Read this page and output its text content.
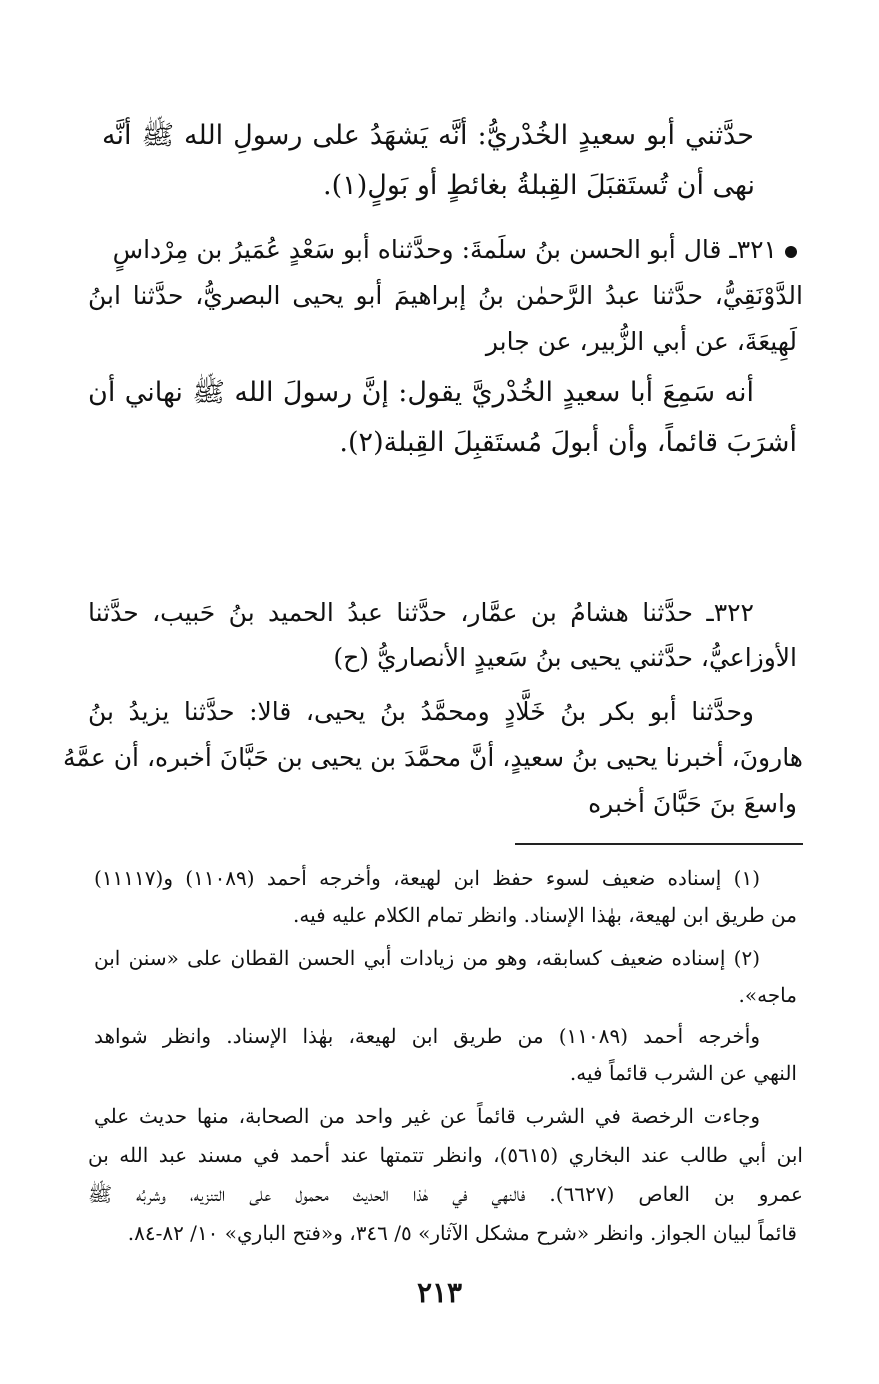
حدَّثني أبو سعيدٍ الخُدْريُّ: أنَّه يَشهَدُ على رسولِ الله ﷺ أنَّه
نهى أن تُستَقبَلَ القِبلةُ بغائطٍ أو بَولٍ(١).
٣٢١ـ قال أبو الحسن بنُ سلَمةَ: وحدَّثناه أبو سَعْدٍ عُمَيرُ بن مِرْداسٍ
الدَّوْنَقِيُّ، حدَّثنا عبدُ الرَّحمٰن بنُ إبراهيمَ أبو يحيى البصريُّ، حدَّثنا ابنُ
لَهِيعَةَ، عن أبي الزُّبير، عن جابر
أنه سَمِعَ أبا سعيدٍ الخُدْريَّ يقول: إنَّ رسولَ الله ﷺ نهاني أن
أشرَبَ قائماً، وأن أبولَ مُستَقبِلَ القِبلة(٢).
٣٢٢ـ حدَّثنا هشامُ بن عمَّار، حدَّثنا عبدُ الحميد بنُ حَبيب، حدَّثنا
الأوزاعيُّ، حدَّثني يحيى بنُ سَعيدٍ الأنصاريُّ (ح)
وحدَّثنا أبو بكر بنُ خَلَّادٍ ومحمَّدُ بنُ يحيى، قالا: حدَّثنا يزيدُ بنُ
هارونَ، أخبرنا يحيى بنُ سعيدٍ، أنَّ محمَّدَ بن يحيى بن حَبَّانَ أخبره، أن عمَّهُ
واسعَ بنَ حَبَّانَ أخبره
(١) إسناده ضعيف لسوء حفظ ابن لهيعة، وأخرجه أحمد (١١٠٨٩) و(١١١١٧)
من طريق ابن لهيعة، بهٰذا الإسناد. وانظر تمام الكلام عليه فيه.
(٢) إسناده ضعيف كسابقه، وهو من زيادات أبي الحسن القطان على «سنن ابن
ماجه».
وأخرجه أحمد (١١٠٨٩) من طريق ابن لهيعة، بهٰذا الإسناد. وانظر شواهد
النهي عن الشرب قائماً فيه.
وجاءت الرخصة في الشرب قائماً عن غير واحد من الصحابة، منها حديث علي
ابن أبي طالب عند البخاري (٥٦١٥)، وانظر تتمتها عند أحمد في مسند عبد الله بن
عمرو بن العاص (٦٦٢٧). فالنهي في هٰذا الحديث محمول على التنزيه، وشربُه ﷺ
قائماً لبيان الجواز. وانظر «شرح مشكل الآثار» ٥/ ٣٤٦، و«فتح الباري» ١٠/ ٨٢-٨٤.
٢١٣
